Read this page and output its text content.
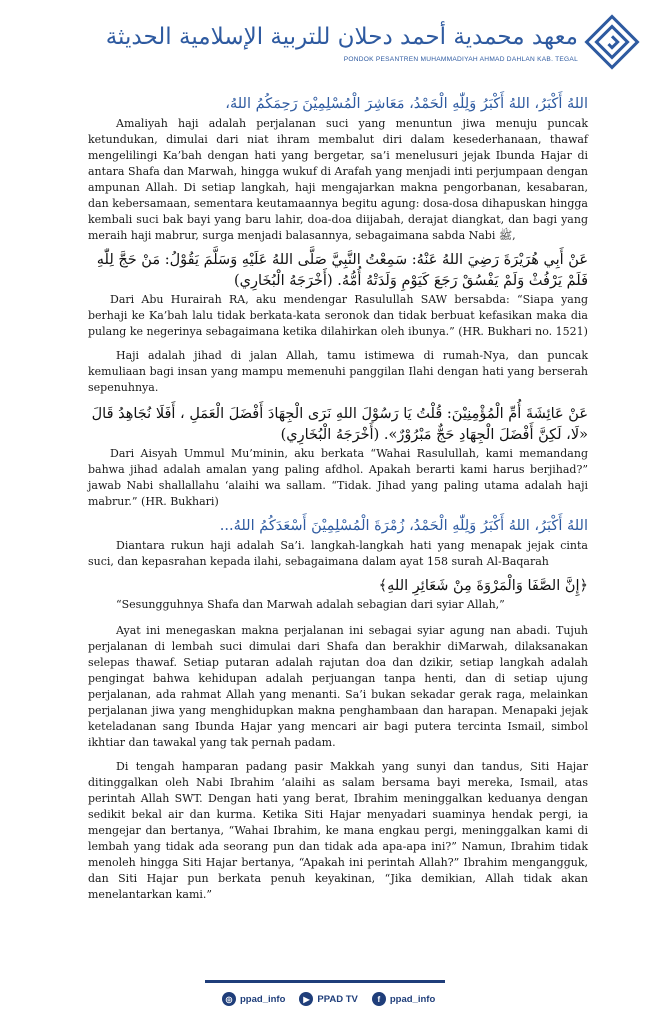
معهد محمدية أحمد دحلان للتربية الإسلامية الحديثة
PONDOK PESANTREN MUHAMMADIYAH AHMAD DAHLAN KAB. TEGAL

اللهُ أَكْبَرُ، اللهُ أَكْبَرُ وَلِلّٰهِ الْحَمْدُ، مَعَاشِرَ الْمُسْلِمِيْنَ رَحِمَكُمُ اللهُ،

Amaliyah haji adalah perjalanan suci yang menuntun jiwa menuju puncak ketundukan, dimulai dari niat ihram membalut diri dalam kesederhanaan, thawaf mengelilingi Ka’bah dengan hati yang bergetar, sa’i menelusuri jejak Ibunda Hajar di antara Shafa dan Marwah, hingga wukuf di Arafah yang menjadi inti perjumpaan dengan ampunan Allah. Di setiap langkah, haji mengajarkan makna pengorbanan, kesabaran, dan kebersamaan, sementara keutamaannya begitu agung: dosa-dosa dihapuskan hingga kembali suci bak bayi yang baru lahir, doa-doa diijabah, derajat diangkat, dan bagi yang meraih haji mabrur, surga menjadi balasannya, sebagaimana sabda Nabi ﷺ,

عَنْ أَبِي هُرَيْرَةَ رَضِيَ اللهُ عَنْهُ: سَمِعْتُ النَّبِيَّ صَلَّى اللهُ عَلَيْهِ وَسَلَّمَ يَقُوْلُ: مَنْ حَجَّ لِلّٰهِ فَلَمْ يَرْفُثْ وَلَمْ يَفْسُقْ رَجَعَ كَيَوْمِ وَلَدَتْهُ أُمُّهُ. (أَخْرَجَهُ الْبُخَارِي)

Dari Abu Hurairah RA, aku mendengar Rasulullah SAW bersabda: “Siapa yang berhaji ke Ka’bah lalu tidak berkata-kata seronok dan tidak berbuat kefasikan maka dia pulang ke negerinya sebagaimana ketika dilahirkan oleh ibunya.” (HR. Bukhari no. 1521)

Haji adalah jihad di jalan Allah, tamu istimewa di rumah-Nya, dan puncak kemuliaan bagi insan yang mampu memenuhi panggilan Ilahi dengan hati yang berserah sepenuhnya.

عَنْ عَائِشَةَ أُمِّ الْمُؤْمِنِيْنَ: قُلْتُ يَا رَسُوْلَ اللهِ نَرَى الْجِهَادَ أَفْضَلَ الْعَمَلِ ، أَفَلَا نُجَاهِدُ قَالَ «لَا، لَكِنَّ أَفْضَلَ الْجِهَادِ حَجٌّ مَبْرُوْرٌ». (أَخْرَجَهُ الْبُخَارِي)

Dari Aisyah Ummul Mu’minin, aku berkata “Wahai Rasulullah, kami memandang bahwa jihad adalah amalan yang paling afdhol. Apakah berarti kami harus berjihad?” jawab Nabi shallallahu ‘alaihi wa sallam. “Tidak. Jihad yang paling utama adalah haji mabrur.” (HR. Bukhari)

اللهُ أَكْبَرُ، اللهُ أَكْبَرُ وَلِلّٰهِ الْحَمْدُ، زُمْرَةَ الْمُسْلِمِيْنَ أَسْعَدَكُمُ اللهُ...

Diantara rukun haji adalah Sa’i. langkah-langkah hati yang menapak jejak cinta suci, dan kepasrahan kepada ilahi, sebagaimana dalam ayat 158 surah Al-Baqarah

﴿إِنَّ الصَّفَا وَالْمَرْوَةَ مِنْ شَعَائِرِ اللهِ﴾

“Sesungguhnya Shafa dan Marwah adalah sebagian dari syiar Allah,”

Ayat ini menegaskan makna perjalanan ini sebagai syiar agung nan abadi. Tujuh perjalanan di lembah suci dimulai dari Shafa dan berakhir diMarwah, dilaksanakan selepas thawaf. Setiap putaran adalah rajutan doa dan dzikir, setiap langkah adalah pengingat bahwa kehidupan adalah perjuangan tanpa henti, dan di setiap ujung perjalanan, ada rahmat Allah yang menanti. Sa’i bukan sekadar gerak raga, melainkan perjalanan jiwa yang menghidupkan makna penghambaan dan harapan. Menapaki jejak keteladanan sang Ibunda Hajar yang mencari air bagi putera tercinta Ismail, simbol ikhtiar dan tawakal yang tak pernah padam.

Di tengah hamparan padang pasir Makkah yang sunyi dan tandus, Siti Hajar ditinggalkan oleh Nabi Ibrahim ‘alaihi as salam bersama bayi mereka, Ismail, atas perintah Allah SWT. Dengan hati yang berat, Ibrahim meninggalkan keduanya dengan sedikit bekal air dan kurma. Ketika Siti Hajar menyadari suaminya hendak pergi, ia mengejar dan bertanya, “Wahai Ibrahim, ke mana engkau pergi, meninggalkan kami di lembah yang tidak ada seorang pun dan tidak ada apa-apa ini?” Namun, Ibrahim tidak menoleh hingga Siti Hajar bertanya, “Apakah ini perintah Allah?” Ibrahim mengangguk, dan Siti Hajar pun berkata penuh keyakinan, “Jika demikian, Allah tidak akan menelantarkan kami.”

◎ ppad_info	▶ PPAD TV	f	ppad_info
